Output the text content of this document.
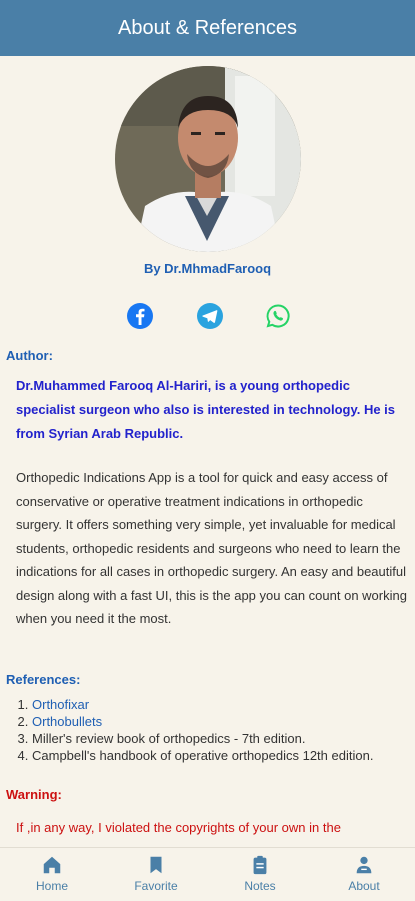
About & References
By Dr.MhmadFarooq
Author:

Dr.Muhammed Farooq Al-Hariri, is a young orthopedic specialist surgeon who also is interested in technology. He is from Syrian Arab Republic.

Orthopedic Indications App is a tool for quick and easy access of conservative or operative treatment indications in orthopedic surgery. It offers something very simple, yet invaluable for medical students, orthopedic residents and surgeons who need to learn the indications for all cases in orthopedic surgery. An easy and beautiful design along with a fast UI, this is the app you can count on working when you need it the most.

References:
1. Orthofixar
2. Orthobullets
3. Miller's review book of orthopedics - 7th edition.
4. Campbell's handbook of operative orthopedics 12th edition.
Warning:

If ,in any way, I violated the copyrights of your own in the

Home	Favorite	Notes	About
